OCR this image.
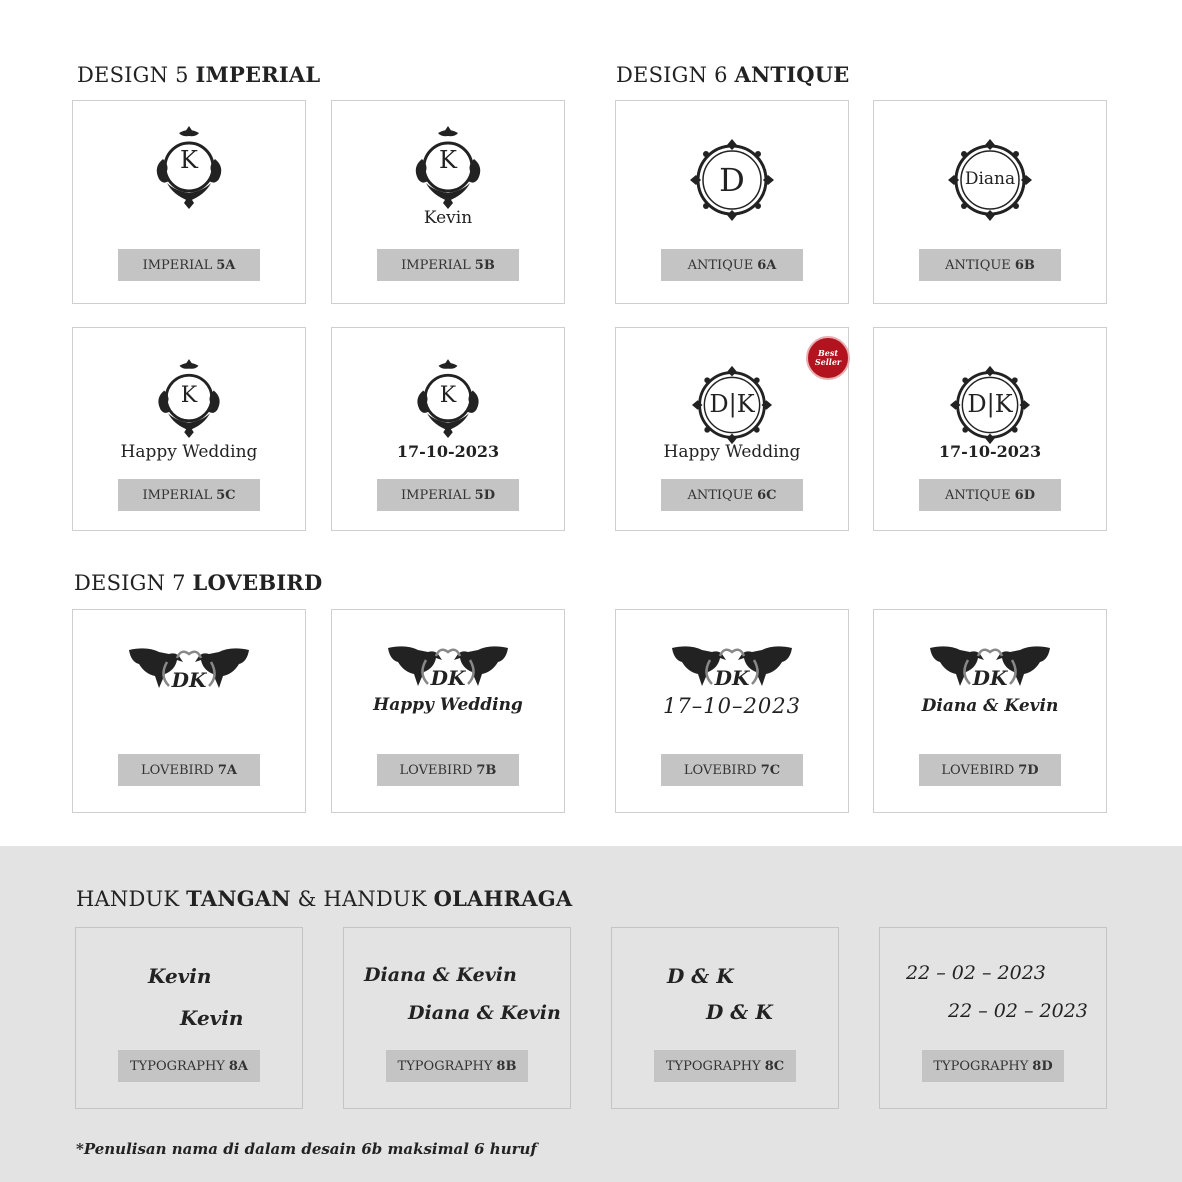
DESIGN 5 IMPERIAL	DESIGN 6 ANTIQUE
DESIGN 7 LOVEBIRD
K
IMPERIAL 5A
K
Kevin
IMPERIAL 5B
D
ANTIQUE 6A
Diana
ANTIQUE 6B
K
Happy Wedding
IMPERIAL 5C
K
17-10-2023
IMPERIAL 5D
Best Seller
D|K
Happy Wedding
ANTIQUE 6C
D|K
17-10-2023
ANTIQUE 6D
DK
LOVEBIRD 7A
DK
Happy Wedding
LOVEBIRD 7B
DK
17–10–2023
LOVEBIRD 7C
DK
Diana & Kevin
LOVEBIRD 7D
HANDUK TANGAN & HANDUK OLAHRAGA
Kevin
Kevin
TYPOGRAPHY 8A
Diana & Kevin
Diana & Kevin
TYPOGRAPHY 8B
D & K
D & K
TYPOGRAPHY 8C
22 – 02 – 2023
22 – 02 – 2023
TYPOGRAPHY 8D
*Penulisan nama di dalam desain 6b maksimal 6 huruf
